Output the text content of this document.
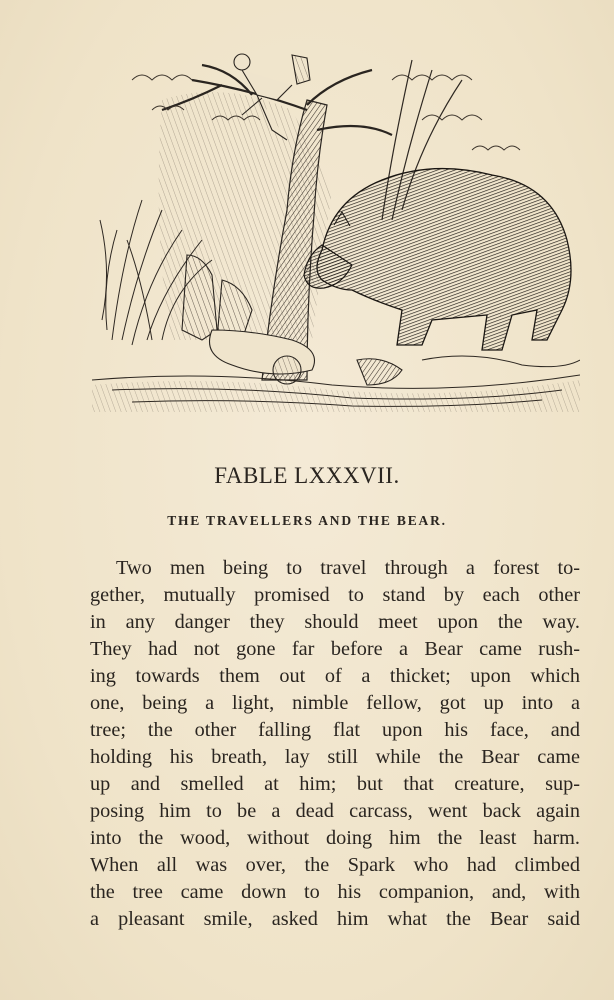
FABLE LXXXVII.
THE TRAVELLERS AND THE BEAR.
Two men being to travel through a forest to-
gether, mutually promised to stand by each other
in any danger they should meet upon the way.
They had not gone far before a Bear came rush-
ing towards them out of a thicket; upon which
one, being a light, nimble fellow, got up into a
tree; the other falling flat upon his face, and
holding his breath, lay still while the Bear came
up and smelled at him; but that creature, sup-
posing him to be a dead carcass, went back again
into the wood, without doing him the least harm.
When all was over, the Spark who had climbed
the tree came down to his companion, and, with
a pleasant smile, asked him what the Bear said
